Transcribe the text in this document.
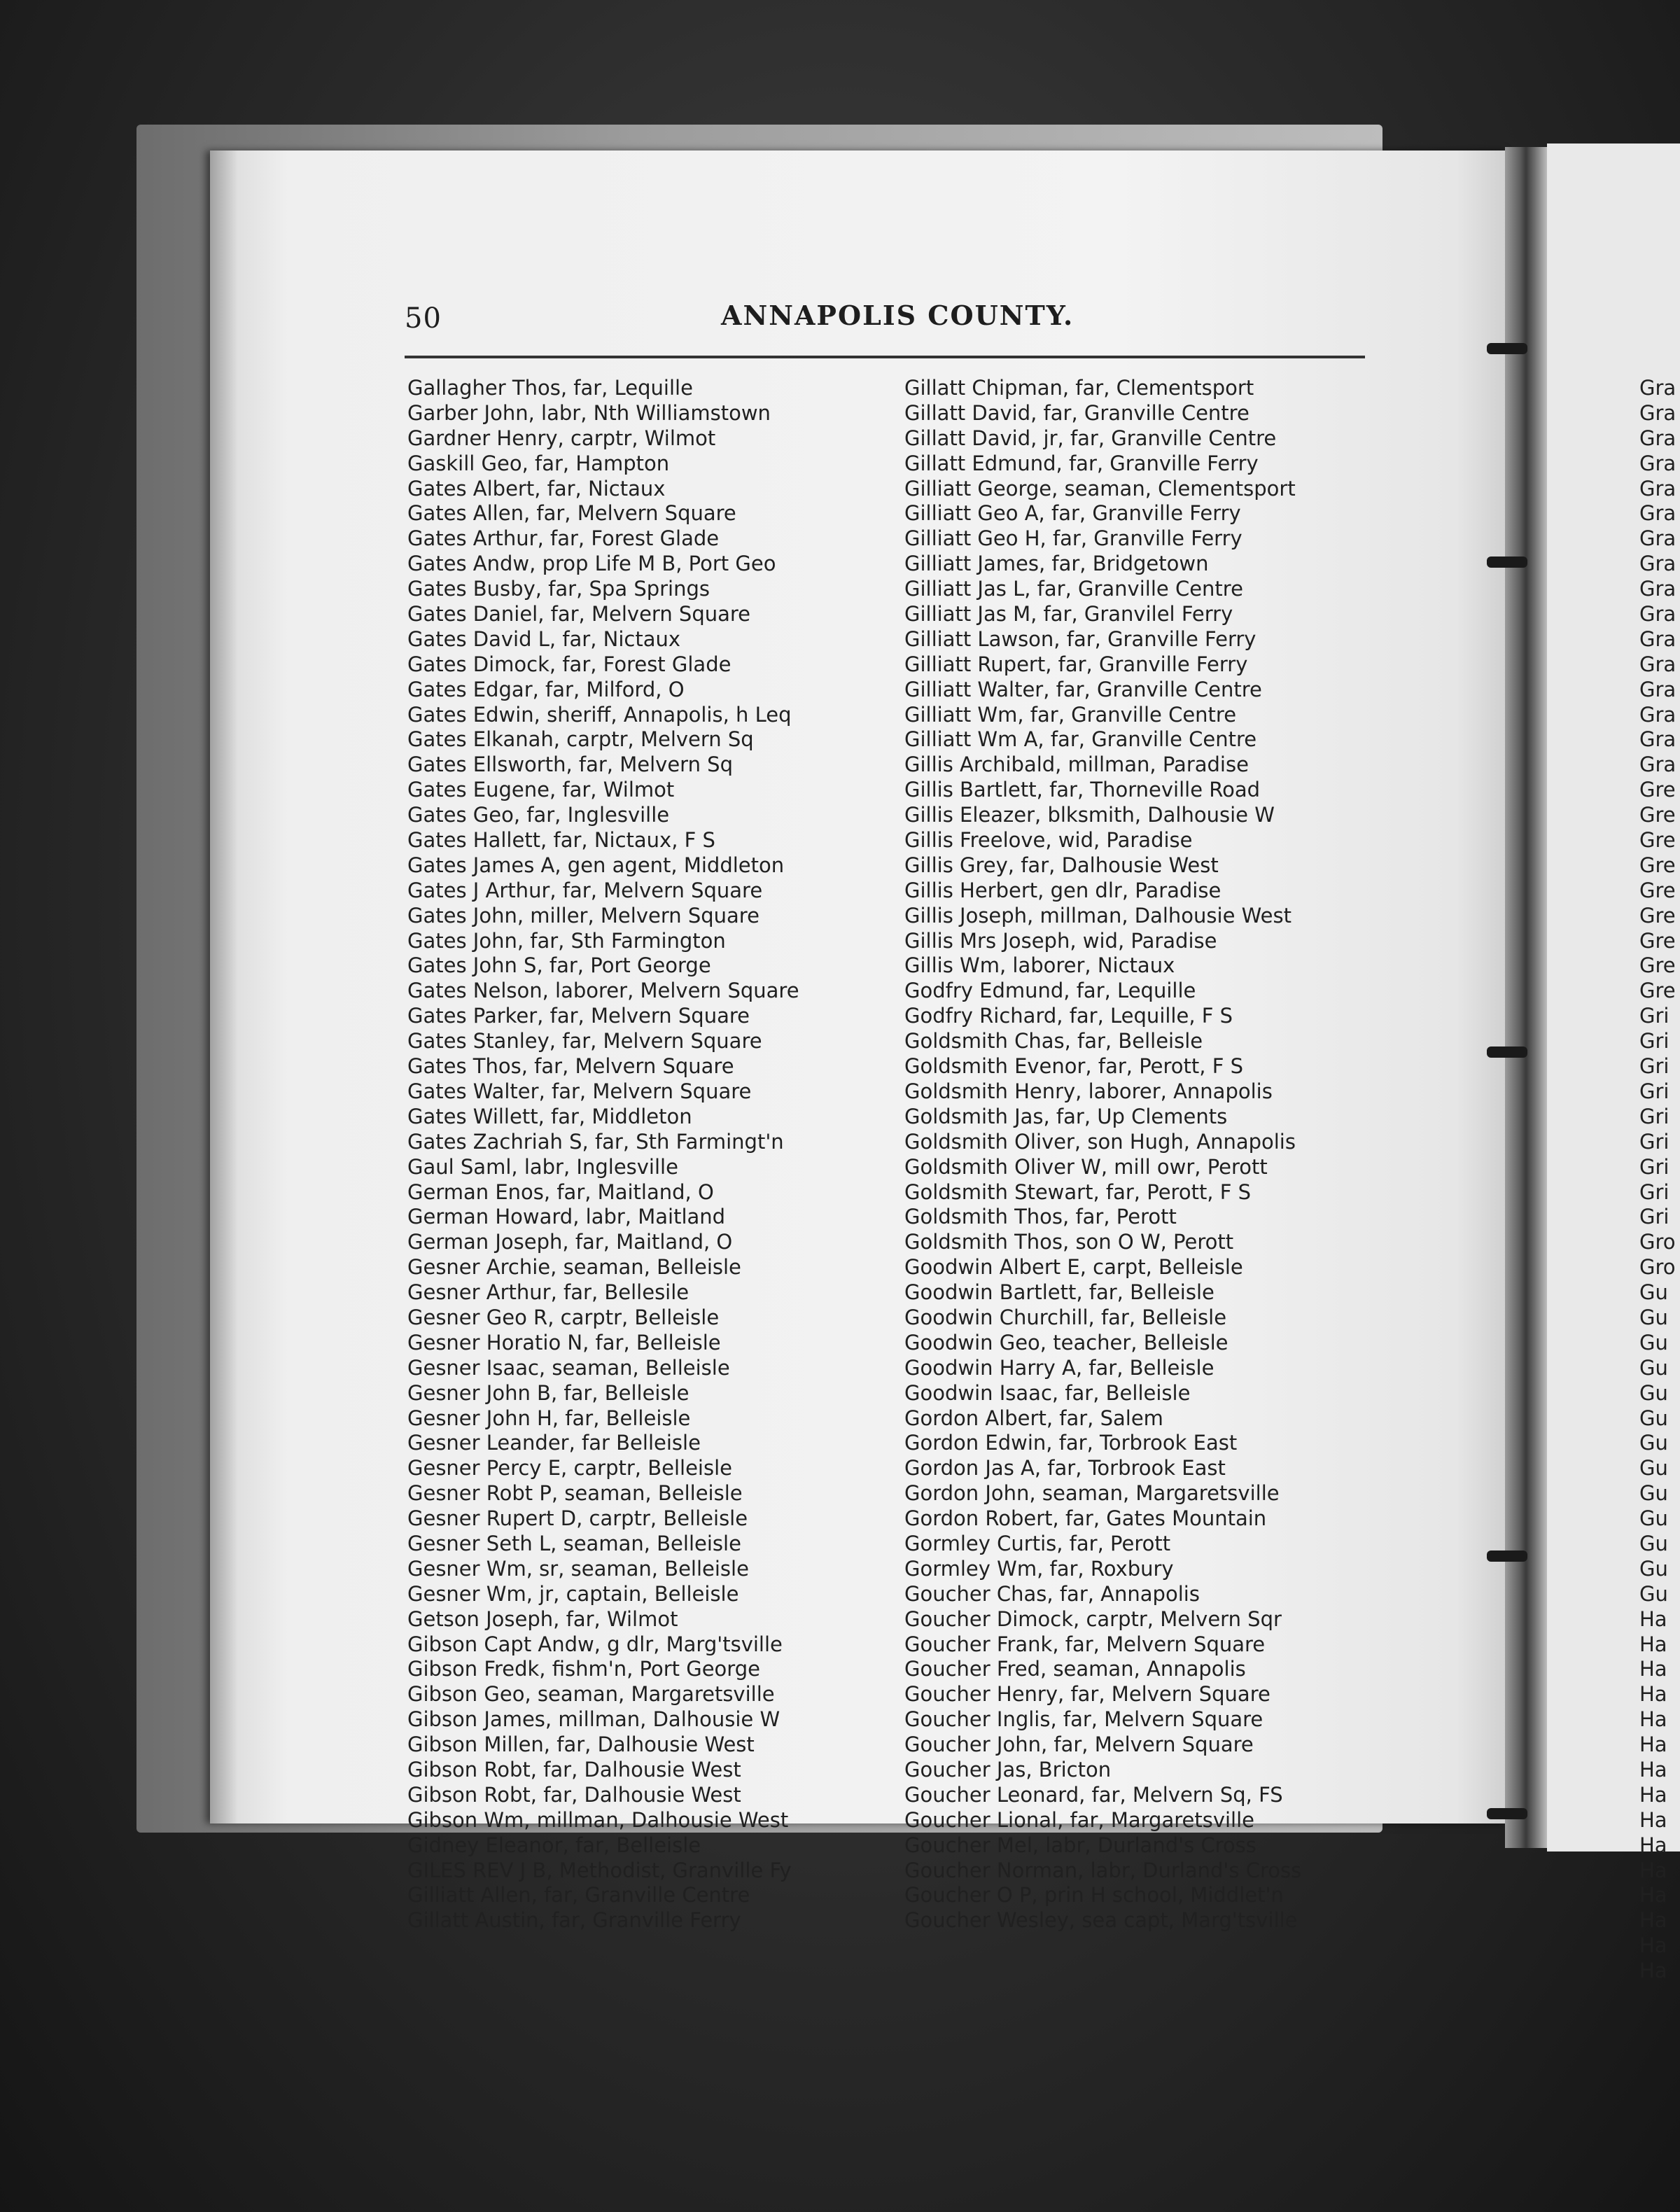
50	ANNAPOLIS COUNTY.
Gallagher Thos, far, Lequille
Garber John, labr, Nth Williamstown
Gardner Henry, carptr, Wilmot
Gaskill Geo, far, Hampton
Gates Albert, far, Nictaux
Gates Allen, far, Melvern Square
Gates Arthur, far, Forest Glade
Gates Andw, prop Life M B, Port Geo
Gates Busby, far, Spa Springs
Gates Daniel, far, Melvern Square
Gates David L, far, Nictaux
Gates Dimock, far, Forest Glade
Gates Edgar, far, Milford, O
Gates Edwin, sheriff, Annapolis, h Leq
Gates Elkanah, carptr, Melvern Sq
Gates Ellsworth, far, Melvern Sq
Gates Eugene, far, Wilmot
Gates Geo, far, Inglesville
Gates Hallett, far, Nictaux, F S
Gates James A, gen agent, Middleton
Gates J Arthur, far, Melvern Square
Gates John, miller, Melvern Square
Gates John, far, Sth Farmington
Gates John S, far, Port George
Gates Nelson, laborer, Melvern Square
Gates Parker, far, Melvern Square
Gates Stanley, far, Melvern Square
Gates Thos, far, Melvern Square
Gates Walter, far, Melvern Square
Gates Willett, far, Middleton
Gates Zachriah S, far, Sth Farmingt'n
Gaul Saml, labr, Inglesville
German Enos, far, Maitland, O
German Howard, labr, Maitland
German Joseph, far, Maitland, O
Gesner Archie, seaman, Belleisle
Gesner Arthur, far, Bellesile
Gesner Geo R, carptr, Belleisle
Gesner Horatio N, far, Belleisle
Gesner Isaac, seaman, Belleisle
Gesner John B, far, Belleisle
Gesner John H, far, Belleisle
Gesner Leander, far Belleisle
Gesner Percy E, carptr, Belleisle
Gesner Robt P, seaman, Belleisle
Gesner Rupert D, carptr, Belleisle
Gesner Seth L, seaman, Belleisle
Gesner Wm, sr, seaman, Belleisle
Gesner Wm, jr, captain, Belleisle
Getson Joseph, far, Wilmot
Gibson Capt Andw, g dlr, Marg'tsville
Gibson Fredk, fishm'n, Port George
Gibson Geo, seaman, Margaretsville
Gibson James, millman, Dalhousie W
Gibson Millen, far, Dalhousie West
Gibson Robt, far, Dalhousie West
Gibson Robt, far, Dalhousie West
Gibson Wm, millman, Dalhousie West
Gidney Eleanor, far, Belleisle
GILES REV J B, Methodist, Granville Fy
Gilliatt Allen, far, Granville Centre
Gillatt Austin, far, Granville Ferry
Gillatt Chipman, far, Clementsport
Gillatt David, far, Granville Centre
Gillatt David, jr, far, Granville Centre
Gillatt Edmund, far, Granville Ferry
Gilliatt George, seaman, Clementsport
Gilliatt Geo A, far, Granville Ferry
Gilliatt Geo H, far, Granville Ferry
Gilliatt James, far, Bridgetown
Gilliatt Jas L, far, Granville Centre
Gilliatt Jas M, far, Granvilel Ferry
Gilliatt Lawson, far, Granville Ferry
Gilliatt Rupert, far, Granville Ferry
Gilliatt Walter, far, Granville Centre
Gilliatt Wm, far, Granville Centre
Gilliatt Wm A, far, Granville Centre
Gillis Archibald, millman, Paradise
Gillis Bartlett, far, Thorneville Road
Gillis Eleazer, blksmith, Dalhousie W
Gillis Freelove, wid, Paradise
Gillis Grey, far, Dalhousie West
Gillis Herbert, gen dlr, Paradise
Gillis Joseph, millman, Dalhousie West
Gillis Mrs Joseph, wid, Paradise
Gillis Wm, laborer, Nictaux
Godfry Edmund, far, Lequille
Godfry Richard, far, Lequille, F S
Goldsmith Chas, far, Belleisle
Goldsmith Evenor, far, Perott, F S
Goldsmith Henry, laborer, Annapolis
Goldsmith Jas, far, Up Clements
Goldsmith Oliver, son Hugh, Annapolis
Goldsmith Oliver W, mill owr, Perott
Goldsmith Stewart, far, Perott, F S
Goldsmith Thos, far, Perott
Goldsmith Thos, son O W, Perott
Goodwin Albert E, carpt, Belleisle
Goodwin Bartlett, far, Belleisle
Goodwin Churchill, far, Belleisle
Goodwin Geo, teacher, Belleisle
Goodwin Harry A, far, Belleisle
Goodwin Isaac, far, Belleisle
Gordon Albert, far, Salem
Gordon Edwin, far, Torbrook East
Gordon Jas A, far, Torbrook East
Gordon John, seaman, Margaretsville
Gordon Robert, far, Gates Mountain
Gormley Curtis, far, Perott
Gormley Wm, far, Roxbury
Goucher Chas, far, Annapolis
Goucher Dimock, carptr, Melvern Sqr
Goucher Frank, far, Melvern Square
Goucher Fred, seaman, Annapolis
Goucher Henry, far, Melvern Square
Goucher Inglis, far, Melvern Square
Goucher John, far, Melvern Square
Goucher Jas, Bricton
Goucher Leonard, far, Melvern Sq, FS
Goucher Lional, far, Margaretsville
Goucher Mel, labr, Durland's Cross
Goucher Norman, labr, Durland's Cross
Goucher O P, prin H school, Middlet'n
Goucher Wesley, sea capt, Marg'tsville
Gra
Gra
Gra
Gra
Gra
Gra
Gra
Gra
Gra
Gra
Gra
Gra
Gra
Gra
Gra
Gra
Gre
Gre
Gre
Gre
Gre
Gre
Gre
Gre
Gre
Gri
Gri
Gri
Gri
Gri
Gri
Gri
Gri
Gri
Gro
Gro
Gu
Gu
Gu
Gu
Gu
Gu
Gu
Gu
Gu
Gu
Gu
Gu
Gu
Ha
Ha
Ha
Ha
Ha
Ha
Ha
Ha
Ha
Ha
Ha
Ha
Ha
Ha
Ha
